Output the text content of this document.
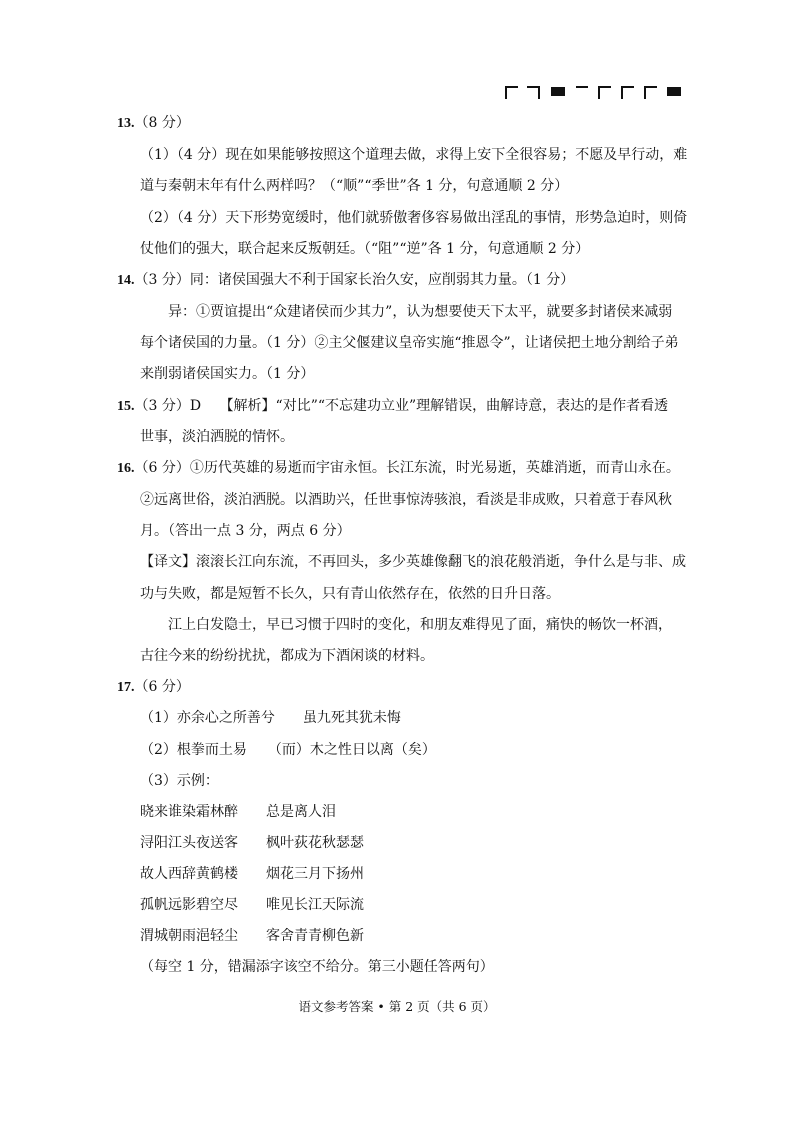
13.（8 分）
（1）（4 分）现在如果能够按照这个道理去做，求得上安下全很容易；不愿及早行动，难
道与秦朝末年有什么两样吗？（“顺”“季世”各 1 分，句意通顺 2 分）
（2）（4 分）天下形势宽缓时，他们就骄傲奢侈容易做出淫乱的事情，形势急迫时，则倚
仗他们的强大，联合起来反叛朝廷。（“阻”“逆”各 1 分，句意通顺 2 分）
14.（3 分）同：诸侯国强大不利于国家长治久安，应削弱其力量。（1 分）
异：①贾谊提出“众建诸侯而少其力”，认为想要使天下太平，就要多封诸侯来减弱
每个诸侯国的力量。（1 分）②主父偃建议皇帝实施“推恩令”，让诸侯把土地分割给子弟
来削弱诸侯国实力。（1 分）
15.（3 分）D　 【解析】“对比”“不忘建功立业”理解错误，曲解诗意，表达的是作者看透
世事，淡泊洒脱的情怀。
16.（6 分）①历代英雄的易逝而宇宙永恒。长江东流，时光易逝，英雄消逝，而青山永在。
②远离世俗，淡泊洒脱。以酒助兴，任世事惊涛骇浪，看淡是非成败，只着意于春风秋
月。（答出一点 3 分，两点 6 分）
【译文】滚滚长江向东流，不再回头，多少英雄像翻飞的浪花般消逝，争什么是与非、成
功与失败，都是短暂不长久，只有青山依然存在，依然的日升日落。
江上白发隐士，早已习惯于四时的变化，和朋友难得见了面，痛快的畅饮一杯酒，
古往今来的纷纷扰扰，都成为下酒闲谈的材料。
17.（6 分）
（1）亦余心之所善兮　　虽九死其犹未悔
（2）根拳而土易　　（而）木之性日以离（矣）
（3）示例：
晓来谁染霜林醉　　总是离人泪
浔阳江头夜送客　　枫叶荻花秋瑟瑟
故人西辞黄鹤楼　　烟花三月下扬州
孤帆远影碧空尽　　唯见长江天际流
渭城朝雨浥轻尘　　客舍青青柳色新
（每空 1 分，错漏添字该空不给分。第三小题任答两句）
语文参考答案 • 第 2 页（共 6 页）
